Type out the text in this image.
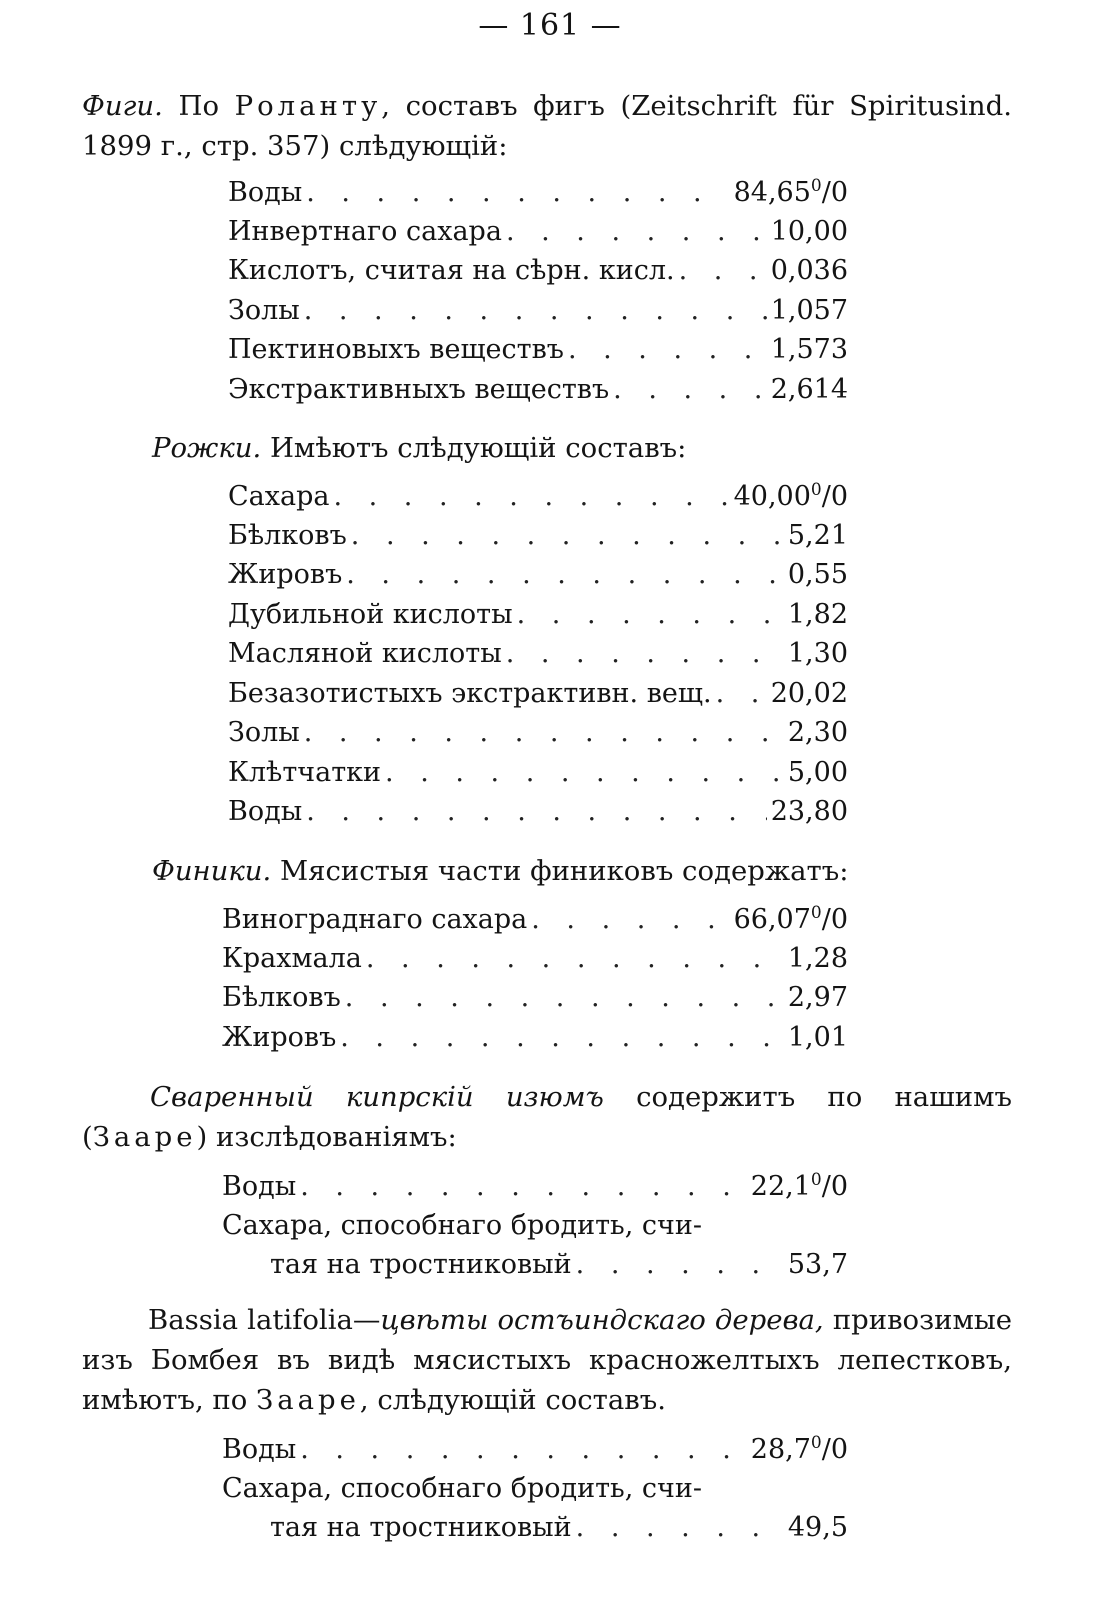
— 161 —
Фиги. По Роланту, составъ фигъ (Zeitschrift für Spiritusind. 1899 г., стр. 357) слѣдующій:
Воды . . .	84,65$^0$/0
Инвертнаго сахара . . .	10,00
Кислотъ, считая на сѣрн. кисл. . . .	0,036
Золы . . .	1,057
Пектиновыхъ веществъ . . .	1,573
Экстрактивныхъ веществъ . . .	2,614
Рожки. Имѣютъ слѣдующій составъ:
Сахара . . .	40,00$^0$/0
Бѣлковъ . . .	5,21
Жировъ . . .	0,55
Дубильной кислоты . . .	1,82
Масляной кислоты . . .	1,30
Безазотистыхъ экстрактивн. вещ. . . . 20,02
Золы . . .	2,30
Клѣтчатки . . .	5,00
Воды . . .	23,80
Финики. Мясистыя части финиковъ содержатъ:
Винограднаго сахара . . .	66,07$^0$/0
Крахмала . . .	1,28
Бѣлковъ . . .	2,97
Жировъ . . .	1,01
Сваренный кипрскій изюмъ содержитъ по нашимъ (Зааре) изслѣдованіямъ:
Воды . . .	22,1$^0$/0
Сахара, способнаго бродить, счи-
тая на тростниковый . . .	53,7
Bassia latifolia—цвѣты остъиндскаго дерева, привозимые изъ Бомбея въ видѣ мясистыхъ красножелтыхъ лепестковъ, имѣютъ, по Зааре, слѣдующій составъ.
Воды . . .	28,7$^0$/0
Сахара, способнаго бродить, счи-
тая на тростниковый . . .	49,5
